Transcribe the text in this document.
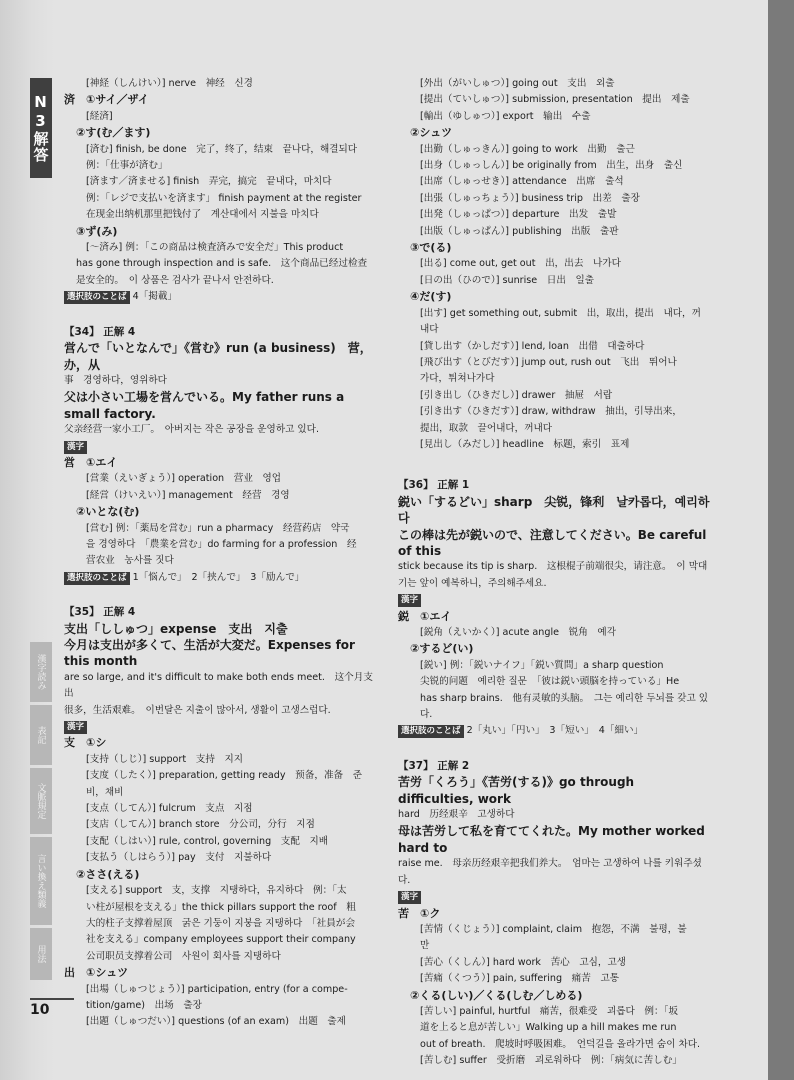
N3解答
漢字読み
表記
文脈規定
言い換え類義
用法
10

[神経（しんけい）] nerve　神经　신경

済　①サイ／ザイ

[経済]

②す(む／ます)

[済む] finish, be done　完了，终了，结束　끝나다，해결되다

例：「仕事が済む」

[済ます／済ませる] finish　弄完，搞完　끝내다，마치다

例：「レジで支払いを済ます」 finish payment at the register

在现金出纳机那里把钱付了　계산대에서 지불을 마치다

③ず(み)

[〜済み] 例：「この商品は検査済みで安全だ」This product

has gone through inspection and is safe.　这个商品已经过检查

是安全的。　이 상품은 검사가 끝나서 안전하다.

選択肢のことば 4「掲載」

【34】 正解 4

営んで「いとなんで」《営む》run (a business)　营，办，从

事　경영하다，영위하다

父は小さい工場を営んでいる。My father runs a small factory.

父亲经营一家小工厂。　아버지는 작은 공장을 운영하고 있다.

漢字

営　①エイ

[営業（えいぎょう）] operation　营业　영업

[経営（けいえい）] management　经营　경영

②いとな(む)

[営む] 例：「薬局を営む」run a pharmacy　经营药店　약국

을 경영하다　「農業を営む」do farming for a profession　经

营农业　농사를 짓다

選択肢のことば 1「悩んで」　2「挟んで」　3「励んで」

【35】 正解 4

支出「ししゅつ」expense　支出　지출

今月は支出が多くて、生活が大変だ。Expenses for this month

are so large, and it's difficult to make both ends meet.　这个月支出

很多，生活艰难。　이번달은 지출이 많아서, 생활이 고생스럽다.

漢字

支　①シ

[支持（しじ）] support　支持　지지

[支度（したく）] preparation, getting ready　预备，准备　준

비，채비

[支点（してん）] fulcrum　支点　지점

[支店（してん）] branch store　分公司，分行　지점

[支配（しはい）] rule, control, governing　支配　지배

[支払う（しはらう）] pay　支付　지불하다

②ささ(える)

[支える] support　支，支撑　지탱하다，유지하다　例：「太

い柱が屋根を支える」the thick pillars support the roof　粗

大的柱子支撑着屋顶　굵은 기둥이 지붕을 지탱하다　「社員が会

社を支える」company employees support their company

公司职员支撑着公司　사원이 회사를 지탱하다

出　①シュツ

[出場（しゅつじょう）] participation, entry (for a compe-

tition/game)　出场　출장

[出題（しゅつだい）] questions (of an exam)　出题　출제

[外出（がいしゅつ）] going out　支出　외출

[提出（ていしゅつ）] submission, presentation　提出　제출

[輸出（ゆしゅつ）] export　输出　수출

②シュツ

[出勤（しゅっきん）] going to work　出勤　출근

[出身（しゅっしん）] be originally from　出生，出身　출신

[出席（しゅっせき）] attendance　出席　출석

[出張（しゅっちょう）] business trip　出差　출장

[出発（しゅっぱつ）] departure　出发　출발

[出版（しゅっぱん）] publishing　出版　출판

③で(る)

[出る] come out, get out　出，出去　나가다

[日の出（ひので）] sunrise　日出　일출

④だ(す)

[出す] get something out, submit　出，取出，提出　내다，꺼

내다

[貸し出す（かしだす）] lend, loan　出借　대출하다

[飛び出す（とびだす）] jump out, rush out　飞出　뛰어나

가다，튀쳐나가다

[引き出し（ひきだし）] drawer　抽屉　서랍

[引き出す（ひきだす）] draw, withdraw　抽出，引导出来，

提出，取款　끌어내다，꺼내다

[見出し（みだし）] headline　标题，索引　표제

【36】 正解 1

鋭い「するどい」sharp　尖锐，锋利　날카롭다，예리하다

この棒は先が鋭いので、注意してください。Be careful of this

stick because its tip is sharp.　这根棍子前端很尖，请注意。　이 막대

기는 앞이 예복하니，주의해주세요.

漢字

鋭　①エイ

[鋭角（えいかく）] acute angle　锐角　예각

②するど(い)

[鋭い] 例：「鋭いナイフ」「鋭い質問」a sharp question

尖锐的问题　예리한 질문　「彼は鋭い頭脳を持っている」He

has sharp brains.　他有灵敏的头脑。　그는 예리한 두뇌를 갖고 있다.

選択肢のことば 2「丸い」「円い」　3「短い」　4「細い」

【37】 正解 2

苦労「くろう」《苦労(する)》go through difficulties, work

hard　历经艰辛　고생하다

母は苦労して私を育ててくれた。My mother worked hard to

raise me.　母亲历经艰辛把我们养大。　엄마는 고생하여 나를 키워주셨다.

漢字

苦　①ク

[苦情（くじょう）] complaint, claim　抱怨，不满　불평，불

만

[苦心（くしん）] hard work　苦心　고심，고생

[苦痛（くつう）] pain, suffering　痛苦　고통

②くる(しい)／くる(しむ／しめる)

[苦しい] painful, hurtful　痛苦，很难受　괴롭다　例：「坂

道を上ると息が苦しい」Walking up a hill makes me run

out of breath.　爬坡时呼吸困难。　언덕길을 올라가면 숨이 차다.

[苦しむ] suffer　受折磨　괴로워하다　例：「病気に苦しむ」
